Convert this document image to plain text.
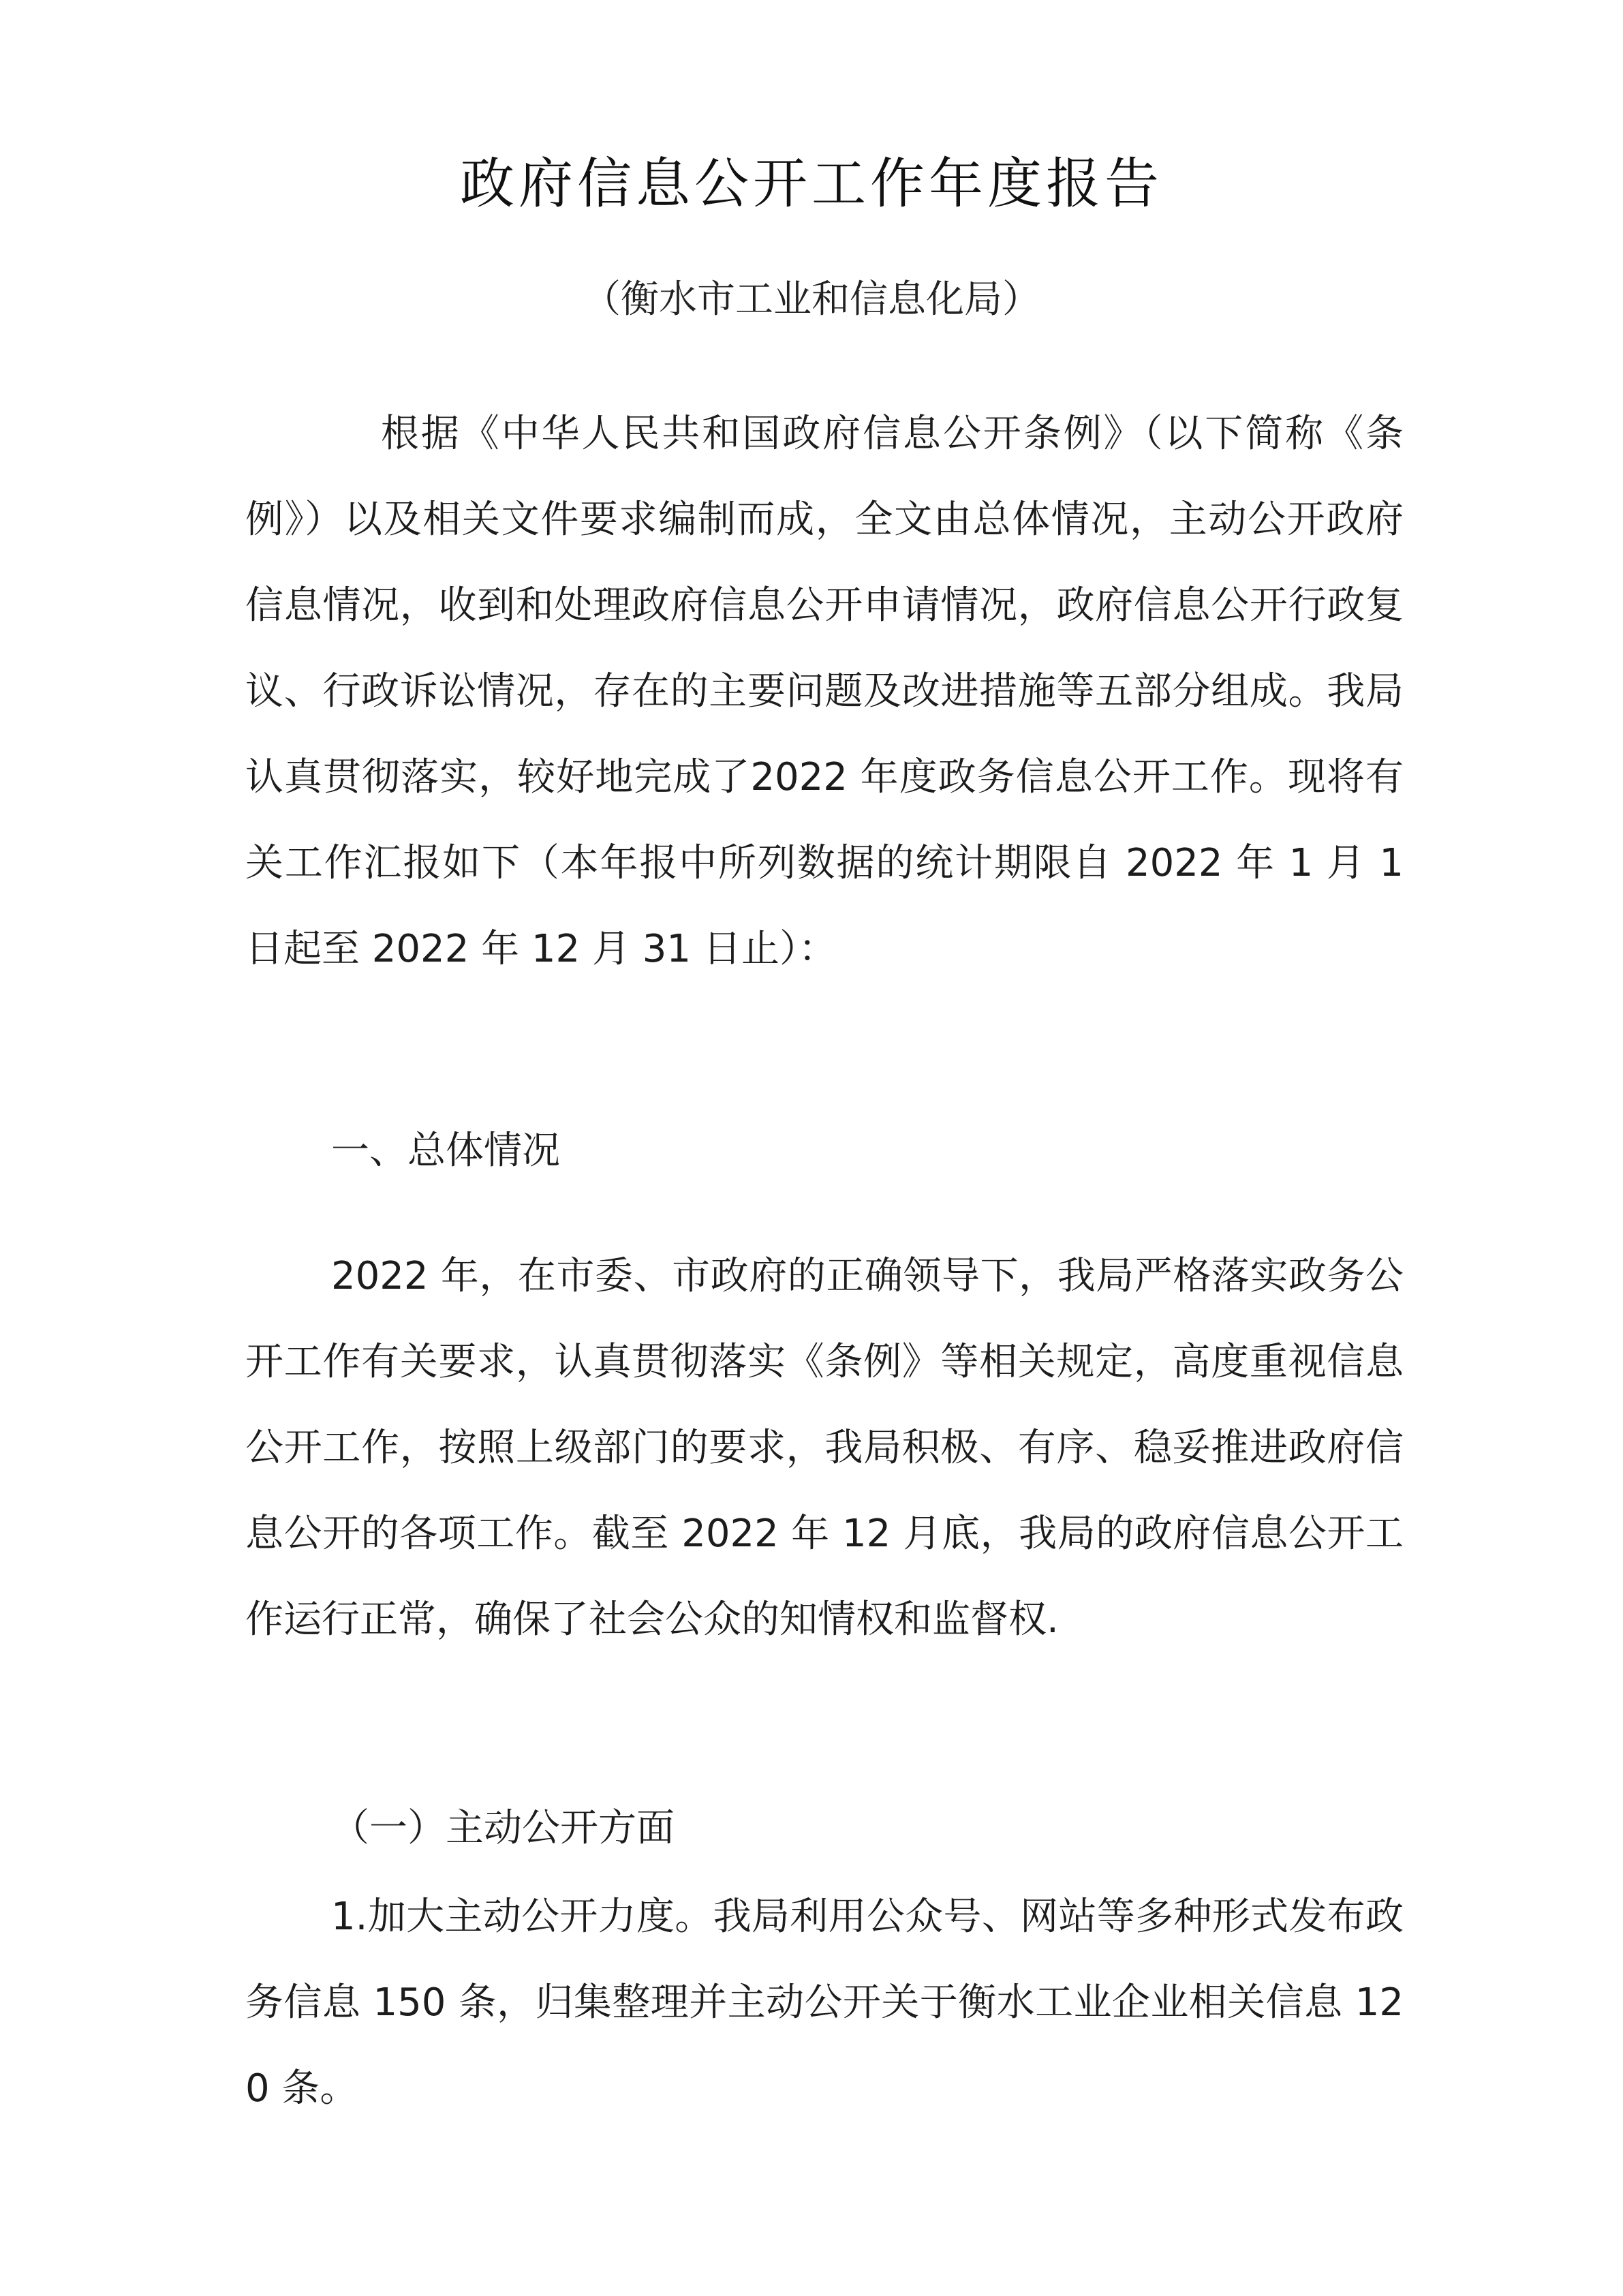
政府信息公开工作年度报告

（衡水市工业和信息化局）

根据《中华人民共和国政府信息公开条例》（以下简称《条例》）以及相关文件要求编制而成，全文由总体情况，主动公开政府信息情况，收到和处理政府信息公开申请情况，政府信息公开行政复议、行政诉讼情况，存在的主要问题及改进措施等五部分组成。我局认真贯彻落实，较好地完成了2022 年度政务信息公开工作。现将有关工作汇报如下（本年报中所列数据的统计期限自 2022 年 1 月 1 日起至 2022 年 12 月 31 日止）：

一、总体情况

2022 年，在市委、市政府的正确领导下，我局严格落实政务公开工作有关要求，认真贯彻落实《条例》等相关规定，高度重视信息公开工作，按照上级部门的要求，我局积极、有序、稳妥推进政府信息公开的各项工作。截至 2022 年 12 月底，我局的政府信息公开工作运行正常，确保了社会公众的知情权和监督权.

（一）主动公开方面

1.加大主动公开力度。我局利用公众号、网站等多种形式发布政务信息 150 条，归集整理并主动公开关于衡水工业企业相关信息 120 条。
